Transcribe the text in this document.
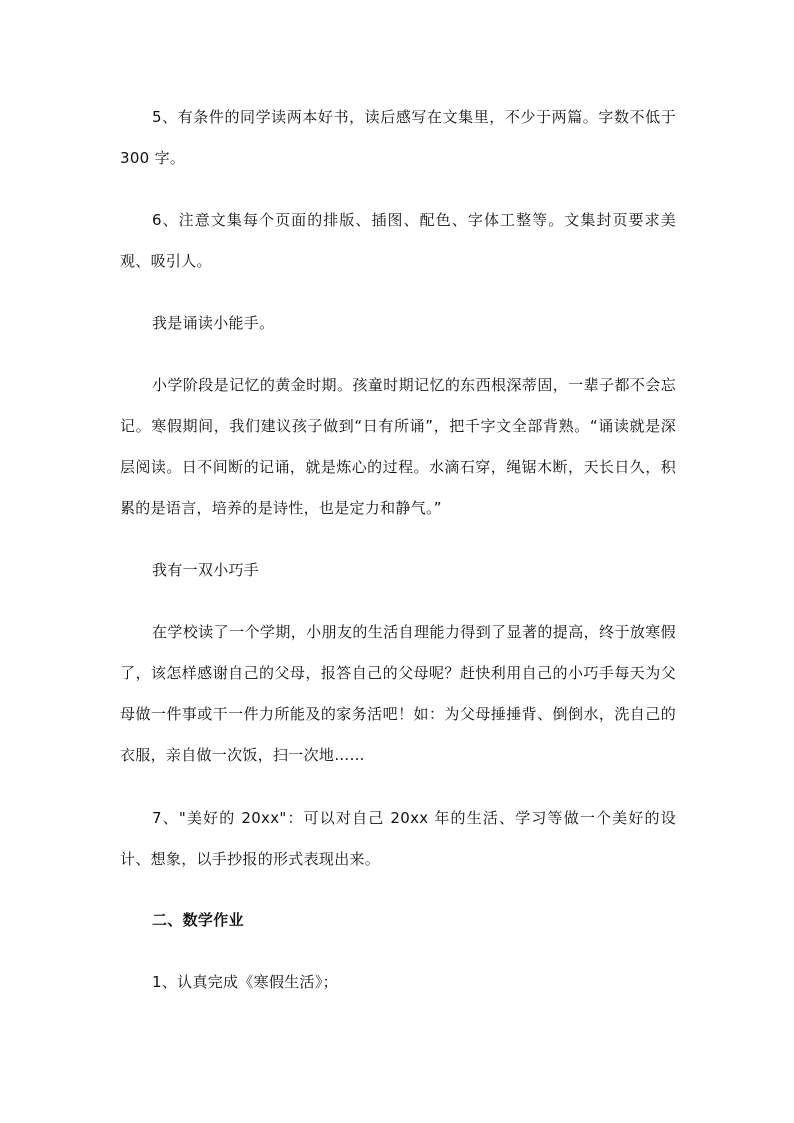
5、有条件的同学读两本好书，读后感写在文集里，不少于两篇。字数不低于 300 字。

6、注意文集每个页面的排版、插图、配色、字体工整等。文集封页要求美观、吸引人。

我是诵读小能手。

小学阶段是记忆的黄金时期。孩童时期记忆的东西根深蒂固，一辈子都不会忘记。寒假期间，我们建议孩子做到“日有所诵”，把千字文全部背熟。“诵读就是深层阅读。日不间断的记诵，就是炼心的过程。水滴石穿，绳锯木断，天长日久，积累的是语言，培养的是诗性，也是定力和静气。”

我有一双小巧手

在学校读了一个学期，小朋友的生活自理能力得到了显著的提高，终于放寒假了，该怎样感谢自己的父母，报答自己的父母呢？赶快利用自己的小巧手每天为父母做一件事或干一件力所能及的家务活吧！如：为父母捶捶背、倒倒水，洗自己的衣服，亲自做一次饭，扫一次地……

7、"美好的 20xx"：可以对自己 20xx 年的生活、学习等做一个美好的设计、想象，以手抄报的形式表现出来。

二、数学作业

1、认真完成《寒假生活》；
